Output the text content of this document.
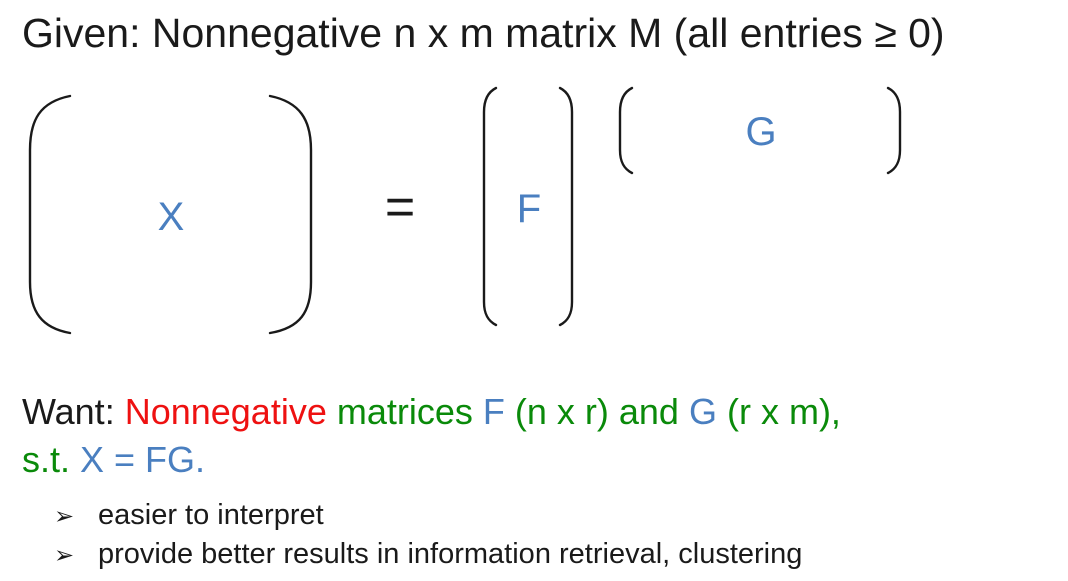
Given: Nonnegative n x m matrix M (all entries ≥ 0)
X	=	F
G
Want: Nonnegative matrices F (n x r) and G (r x m),
s.t. X = FG.
➢ easier to interpret
➢ provide better results in information retrieval, clustering
